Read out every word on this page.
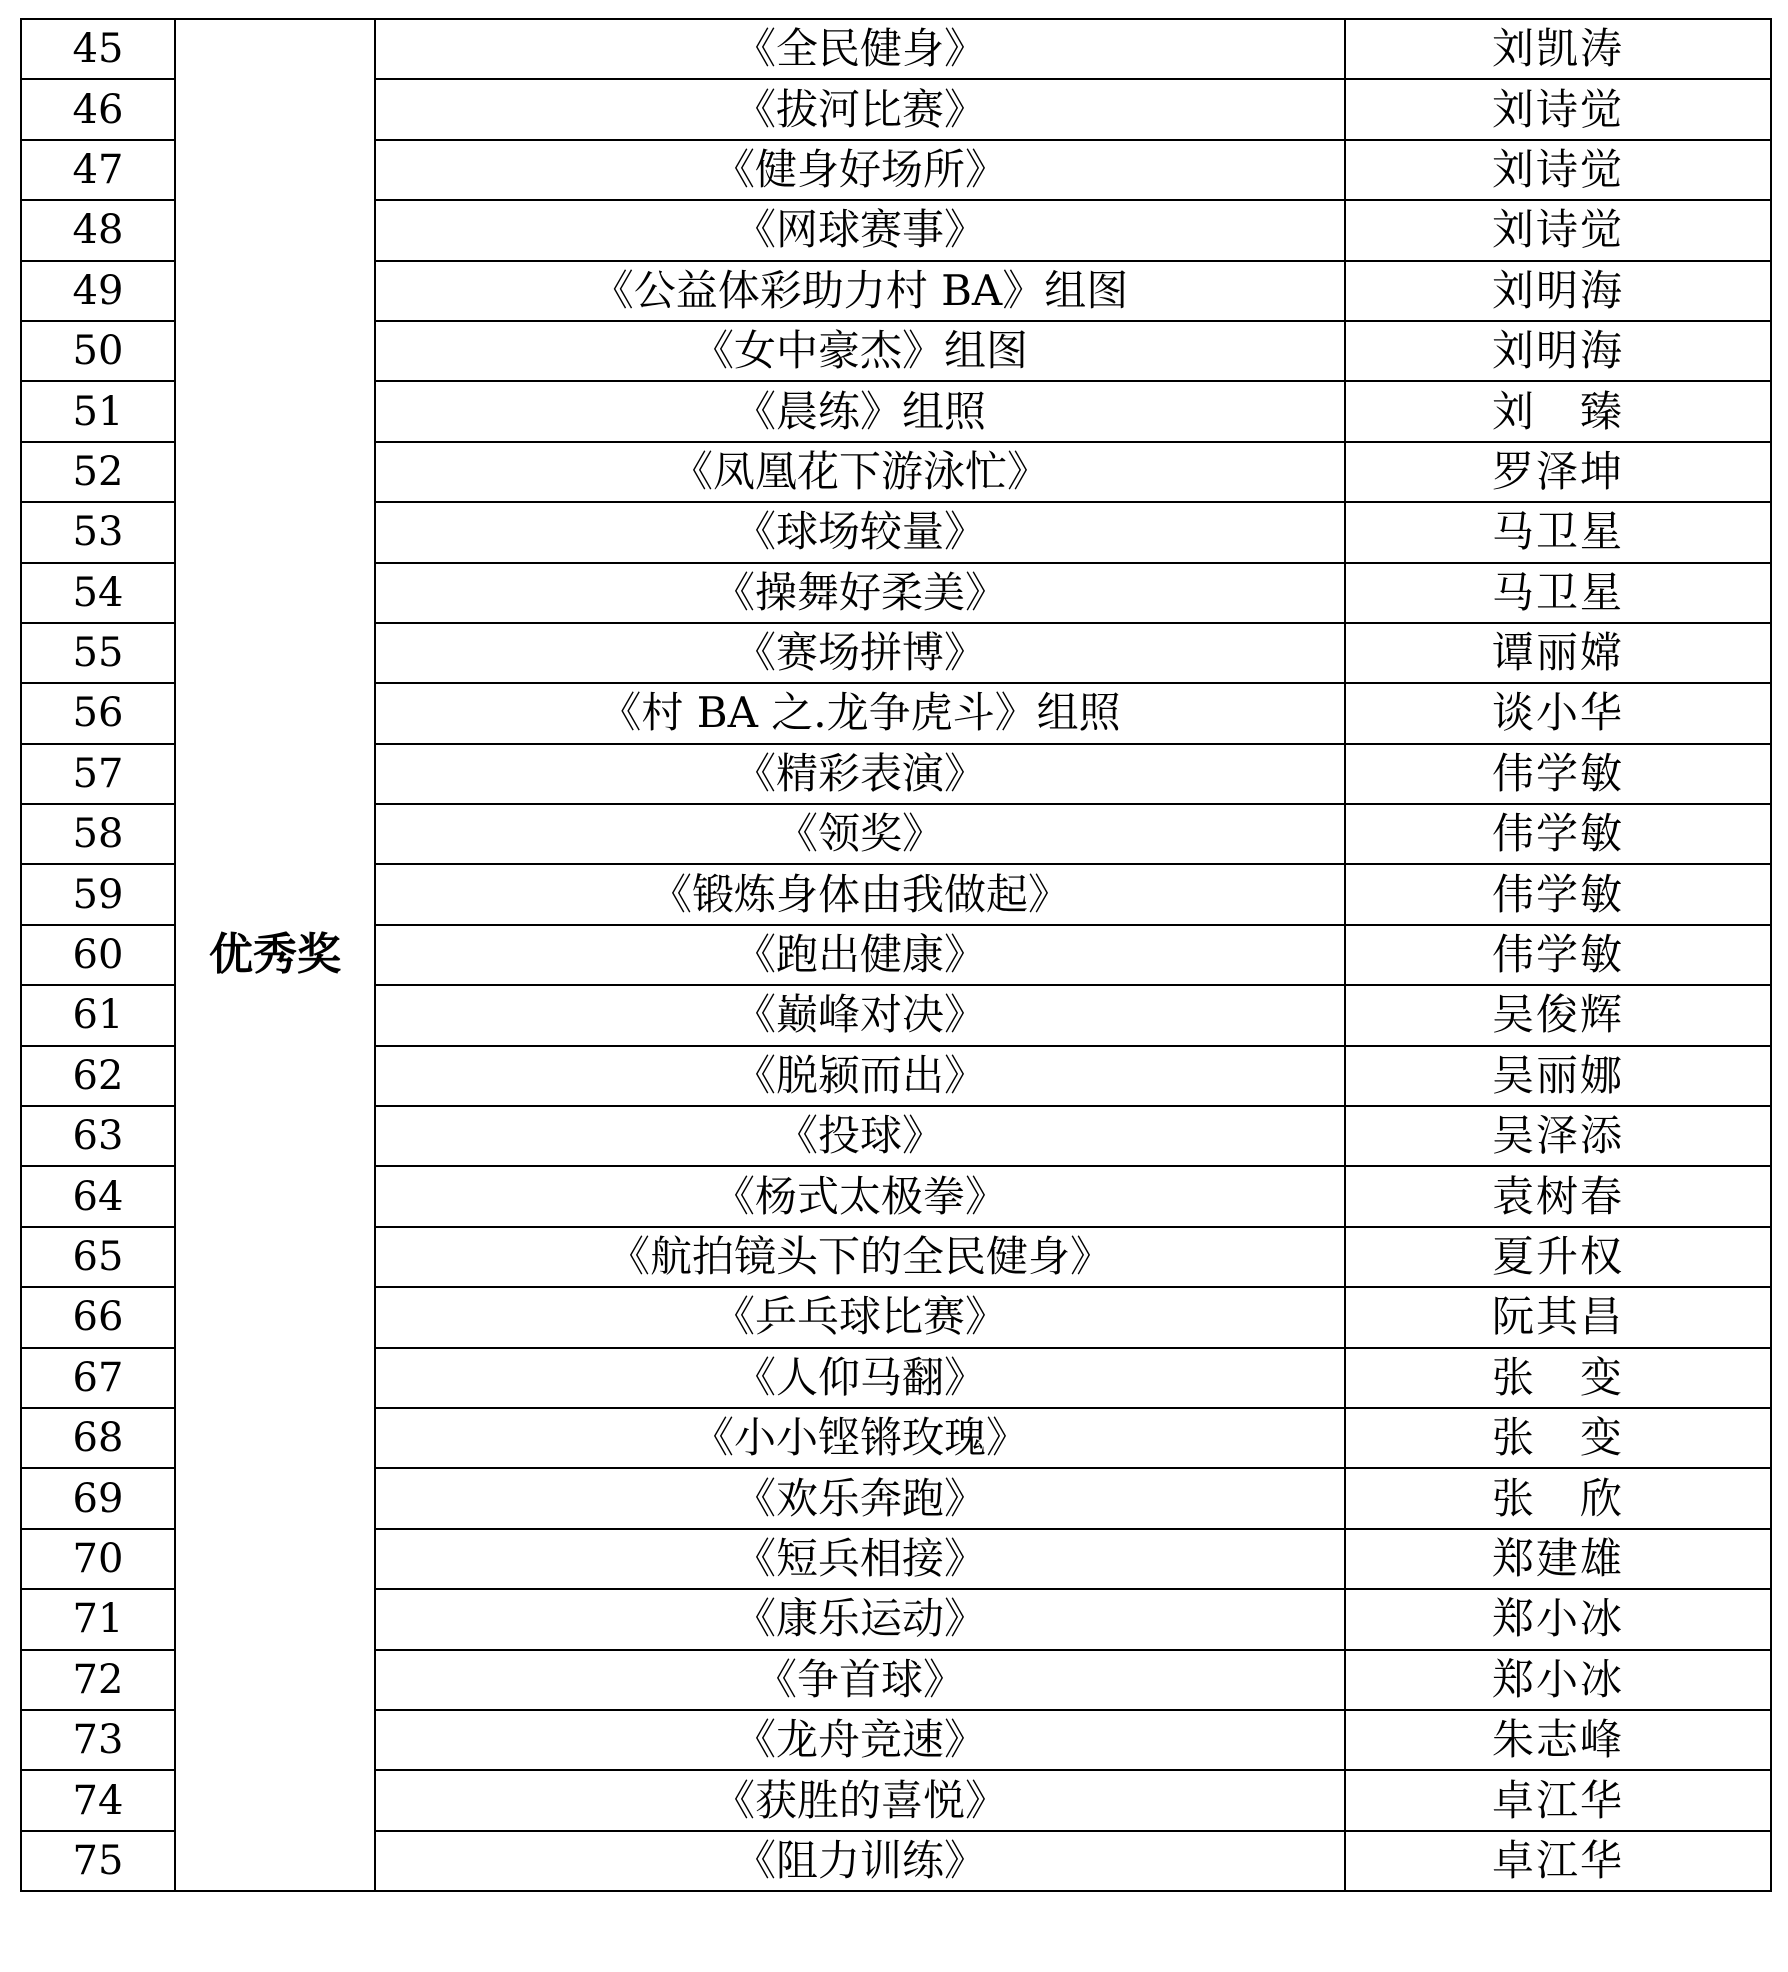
45	优秀奖	《全民健身》	刘凯涛
46		《拔河比赛》	刘诗觉
47		《健身好场所》	刘诗觉
48		《网球赛事》	刘诗觉
49		《公益体彩助力村 BA》组图	刘明海
50		《女中豪杰》组图	刘明海
51		《晨练》组照	刘　臻
52		《凤凰花下游泳忙》	罗泽坤
53		《球场较量》	马卫星
54		《操舞好柔美》	马卫星
55		《赛场拼博》	谭丽嫦
56		《村 BA 之.龙争虎斗》组照	谈小华
57		《精彩表演》	伟学敏
58		《领奖》	伟学敏
59		《锻炼身体由我做起》	伟学敏
60		《跑出健康》	伟学敏
61		《巅峰对决》	吴俊辉
62		《脱颍而出》	吴丽娜
63		《投球》	吴泽添
64		《杨式太极拳》	袁树春
65		《航拍镜头下的全民健身》	夏升权
66		《乒乓球比赛》	阮其昌
67		《人仰马翻》	张　变
68		《小小铿锵玫瑰》	张　变
69		《欢乐奔跑》	张　欣
70		《短兵相接》	郑建雄
71		《康乐运动》	郑小冰
72		《争首球》	郑小冰
73		《龙舟竞速》	朱志峰
74		《获胜的喜悦》	卓江华
75		《阻力训练》	卓江华
